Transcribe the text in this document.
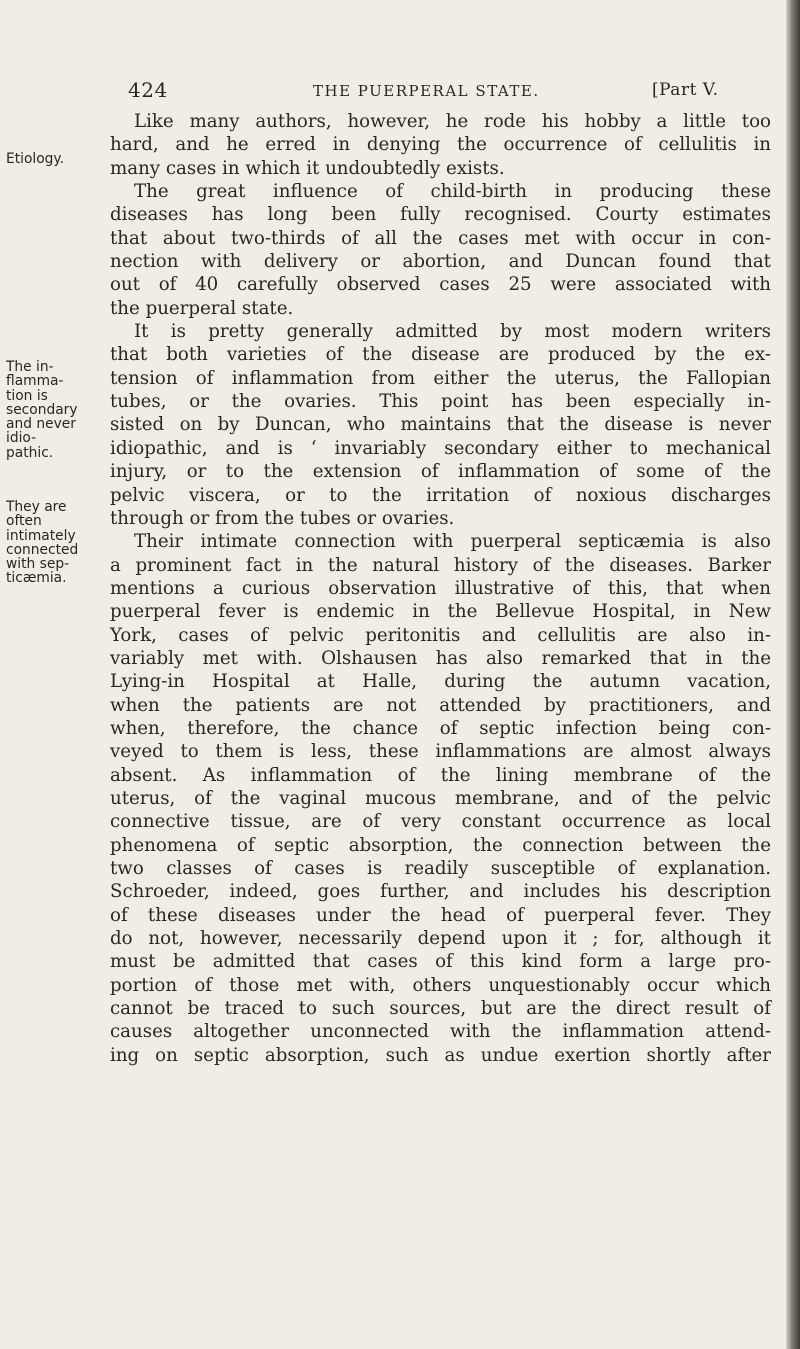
424	THE PUERPERAL STATE.	[Part V.
Etiology.
The in-
flamma-
tion is
secondary
and never
idio-
pathic.
They are
often
intimately
connected
with sep-
ticæmia.
Like many authors, however, he rode his hobby a little too
hard, and he erred in denying the occurrence of cellulitis in
many cases in which it undoubtedly exists.
The great influence of child-birth in producing these
diseases has long been fully recognised. Courty estimates
that about two-thirds of all the cases met with occur in con-
nection with delivery or abortion, and Duncan found that
out of 40 carefully observed cases 25 were associated with
the puerperal state.
It is pretty generally admitted by most modern writers
that both varieties of the disease are produced by the ex-
tension of inflammation from either the uterus, the Fallopian
tubes, or the ovaries. This point has been especially in-
sisted on by Duncan, who maintains that the disease is never
idiopathic, and is ‘ invariably secondary either to mechanical
injury, or to the extension of inflammation of some of the
pelvic viscera, or to the irritation of noxious discharges
through or from the tubes or ovaries.
Their intimate connection with puerperal septicæmia is also
a prominent fact in the natural history of the diseases. Barker
mentions a curious observation illustrative of this, that when
puerperal fever is endemic in the Bellevue Hospital, in New
York, cases of pelvic peritonitis and cellulitis are also in-
variably met with. Olshausen has also remarked that in the
Lying-in Hospital at Halle, during the autumn vacation,
when the patients are not attended by practitioners, and
when, therefore, the chance of septic infection being con-
veyed to them is less, these inflammations are almost always
absent. As inflammation of the lining membrane of the
uterus, of the vaginal mucous membrane, and of the pelvic
connective tissue, are of very constant occurrence as local
phenomena of septic absorption, the connection between the
two classes of cases is readily susceptible of explanation.
Schroeder, indeed, goes further, and includes his description
of these diseases under the head of puerperal fever. They
do not, however, necessarily depend upon it ; for, although it
must be admitted that cases of this kind form a large pro-
portion of those met with, others unquestionably occur which
cannot be traced to such sources, but are the direct result of
causes altogether unconnected with the inflammation attend-
ing on septic absorption, such as undue exertion shortly after
